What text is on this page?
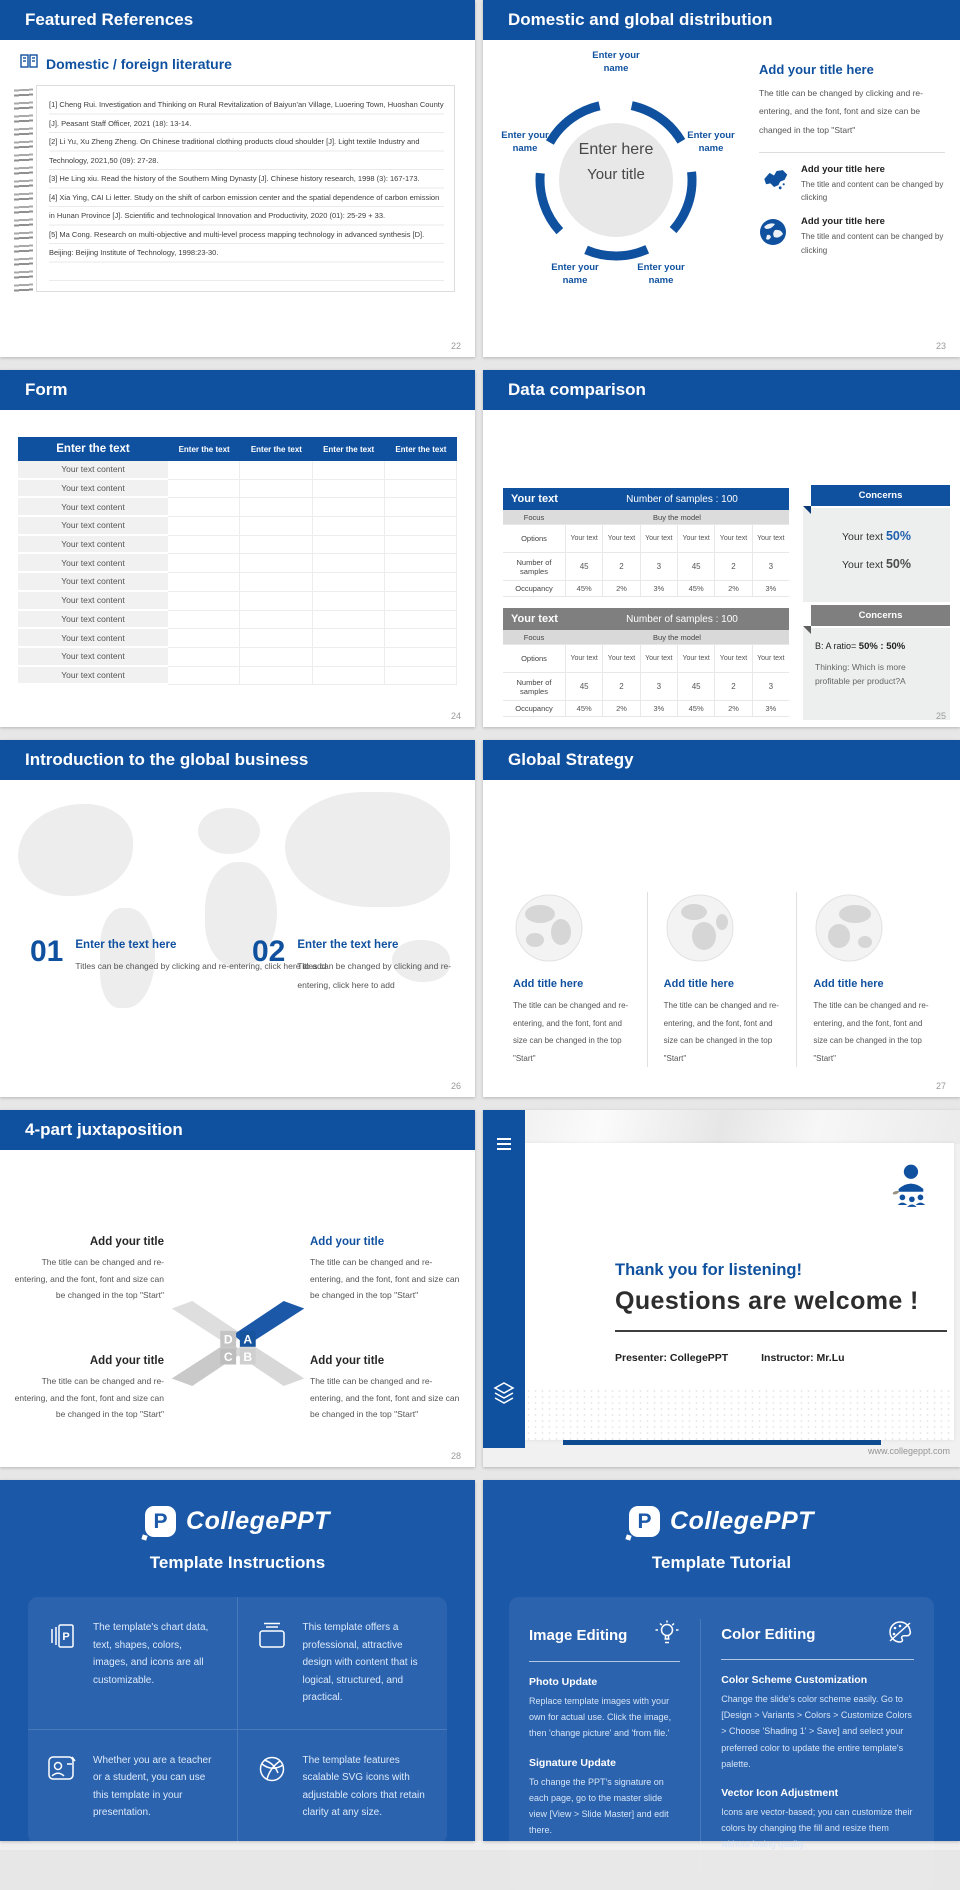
Featured References
Domestic / foreign literature

[1] Cheng Rui. Investigation and Thinking on Rural Revitalization of Baiyun'an Village, Luoering Town, Huoshan County [J]. Peasant Staff Officer, 2021 (18): 13-14.

[2] Li Yu, Xu Zheng Zheng. On Chinese traditional clothing products cloud shoulder [J]. Light textile Industry and Technology, 2021,50 (09): 27-28.

[3] He Ling xiu. Read the history of the Southern Ming Dynasty [J]. Chinese history research, 1998 (3): 167-173.

[4] Xia Ying, CAI Li letter. Study on the shift of carbon emission center and the spatial dependence of carbon emission in Hunan Province [J]. Scientific and technological Innovation and Productivity, 2020 (01): 25-29 + 33.

[5] Ma Cong. Research on multi-objective and multi-level process mapping technology in advanced synthesis [D]. Beijing: Beijing Institute of Technology, 1998:23-30.

22
Domestic and global distribution
Enter here
Your title
Enter your name
Enter your name
Enter your name
Enter your name
Enter your name
Add your title here
The title can be changed by clicking and re-entering, and the font, font and size can be changed in the top "Start"
Add your title here

The title and content can be changed by clicking

Add your title here

The title and content can be changed by clicking

23
Form
Enter the text	Enter the text	Enter the text	Enter the text	Enter the text
Your text content
Your text content
Your text content
Your text content
Your text content
Your text content
Your text content
Your text content
Your text content
Your text content
Your text content
Your text content
24
Data comparison
Your text	Number of samples : 100
Focus	Buy the model
Options	Your text	Your text	Your text	Your text	Your text	Your text
Number of samples	45	2	3	45	2	3
Occupancy	45%	2%	3%	45%	2%	3%
Concerns
Your text 50%
Your text 50%
Your text	Number of samples : 100
Focus	Buy the model
Options	Your text	Your text	Your text	Your text	Your text	Your text
Number of samples	45	2	3	45	2	3
Occupancy	45%	2%	3%	45%	2%	3%
Concerns
B: A ratio= 50% : 50%
Thinking: Which is more profitable per product?A
25
Introduction to the global business
01 Enter the text here

Titles can be changed by clicking and re-entering, click here to add

02 Enter the text here

Titles can be changed by clicking and re-entering, click here to add

26
Global Strategy
Add title here

The title can be changed and re-entering, and the font, font and size can be changed in the top "Start"

Add title here

The title can be changed and re-entering, and the font, font and size can be changed in the top "Start"

Add title here

The title can be changed and re-entering, and the font, font and size can be changed in the top "Start"

27
4-part juxtaposition
D A
C B
Add your title

The title can be changed and re-entering, and the font, font and size can be changed in the top "Start"

Add your title

The title can be changed and re-entering, and the font, font and size can be changed in the top "Start"

Add your title

The title can be changed and re-entering, and the font, font and size can be changed in the top "Start"

Add your title

The title can be changed and re-entering, and the font, font and size can be changed in the top "Start"

28
Thank you for listening!
Questions are welcome !
Presenter: CollegePPT	Instructor: Mr.Lu
www.collegeppt.com
P CollegePPT
Template Instructions
P

The template's chart data, text, shapes, colors, images, and icons are all customizable.

This template offers a professional, attractive design with content that is logical, structured, and practical.

Whether you are a teacher or a student, you can use this template in your presentation.

The template features scalable SVG icons with adjustable colors that retain clarity at any size.

P CollegePPT
Template Tutorial
Image Editing
Photo Update

Replace template images with your own for actual use. Click the image, then 'change picture' and 'from file.'

Signature Update

To change the PPT's signature on each page, go to the master slide view [View > Slide Master] and edit there.

Color Editing
Color Scheme Customization

Change the slide's color scheme easily. Go to [Design > Variants > Colors > Customize Colors > Choose 'Shading 1' > Save] and select your preferred color to update the entire template's palette.

Vector Icon Adjustment

Icons are vector-based; you can customize their colors by changing the fill and resize them without losing quality.
